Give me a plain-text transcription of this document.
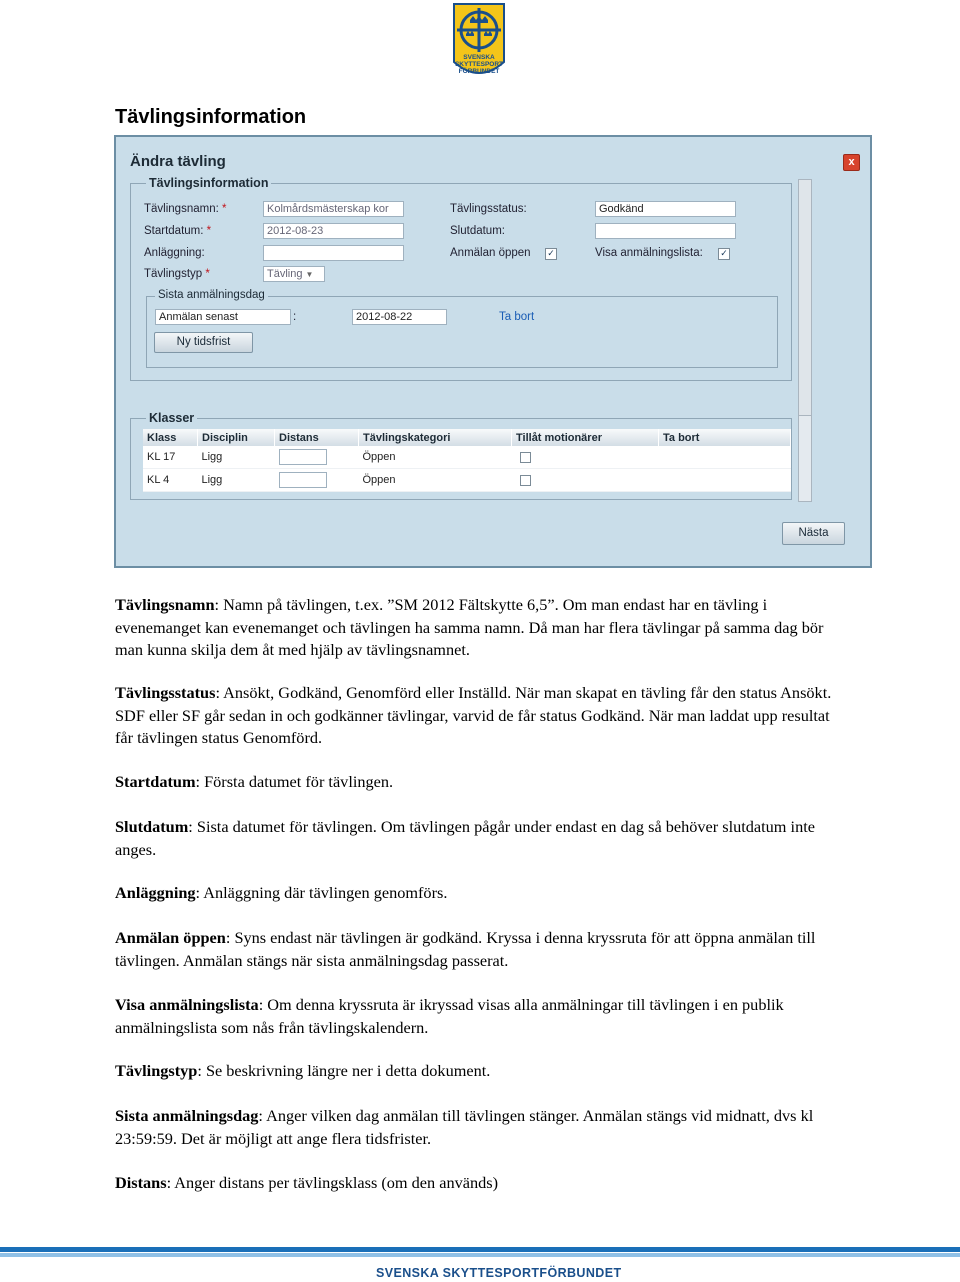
SVENSKA
SKYTTESPORT
FÖRBUNDET
Tävlingsinformation
Ändra tävling	x
Tävlingsinformation
Tävlingsnamn: *	Kolmårdsmästerskap kor
Startdatum: *	2012-08-23
Anläggning:
Tävlingstyp *	Tävling ▼
Tävlingsstatus:	Godkänd
Slutdatum:
Anmälan öppen ✓	Visa anmälningslista: ✓
Sista anmälningsdag
Anmälan senast	:	2012-08-22	Ta bort
Ny tidsfrist
Klasser
Klass	Disciplin	Distans	Tävlingskategori	Tillåt motionärer	Ta bort
KL 17	Ligg		Öppen	

KL 4	Ligg		Öppen	

Nästa
Tävlingsnamn: Namn på tävlingen, t.ex. ”SM 2012 Fältskytte 6,5”. Om man endast har en tävling i evenemanget kan evenemanget och tävlingen ha samma namn. Då man har flera tävlingar på samma dag bör man kunna skilja dem åt med hjälp av tävlingsnamnet.
Tävlingsstatus: Ansökt, Godkänd, Genomförd eller Inställd. När man skapat en tävling får den status Ansökt. SDF eller SF går sedan in och godkänner tävlingar, varvid de får status Godkänd. När man laddat upp resultat får tävlingen status Genomförd.
Startdatum: Första datumet för tävlingen.
Slutdatum: Sista datumet för tävlingen. Om tävlingen pågår under endast en dag så behöver slutdatum inte anges.
Anläggning: Anläggning där tävlingen genomförs.
Anmälan öppen: Syns endast när tävlingen är godkänd. Kryssa i denna kryssruta för att öppna anmälan till tävlingen. Anmälan stängs när sista anmälningsdag passerat.
Visa anmälningslista: Om denna kryssruta är ikryssad visas alla anmälningar till tävlingen i en publik anmälningslista som nås från tävlingskalendern.
Tävlingstyp: Se beskrivning längre ner i detta dokument.
Sista anmälningsdag: Anger vilken dag anmälan till tävlingen stänger. Anmälan stängs vid midnatt, dvs kl 23:59:59. Det är möjligt att ange flera tidsfrister.
Distans: Anger distans per tävlingsklass (om den används)
SVENSKA SKYTTESPORTFÖRBUNDET
